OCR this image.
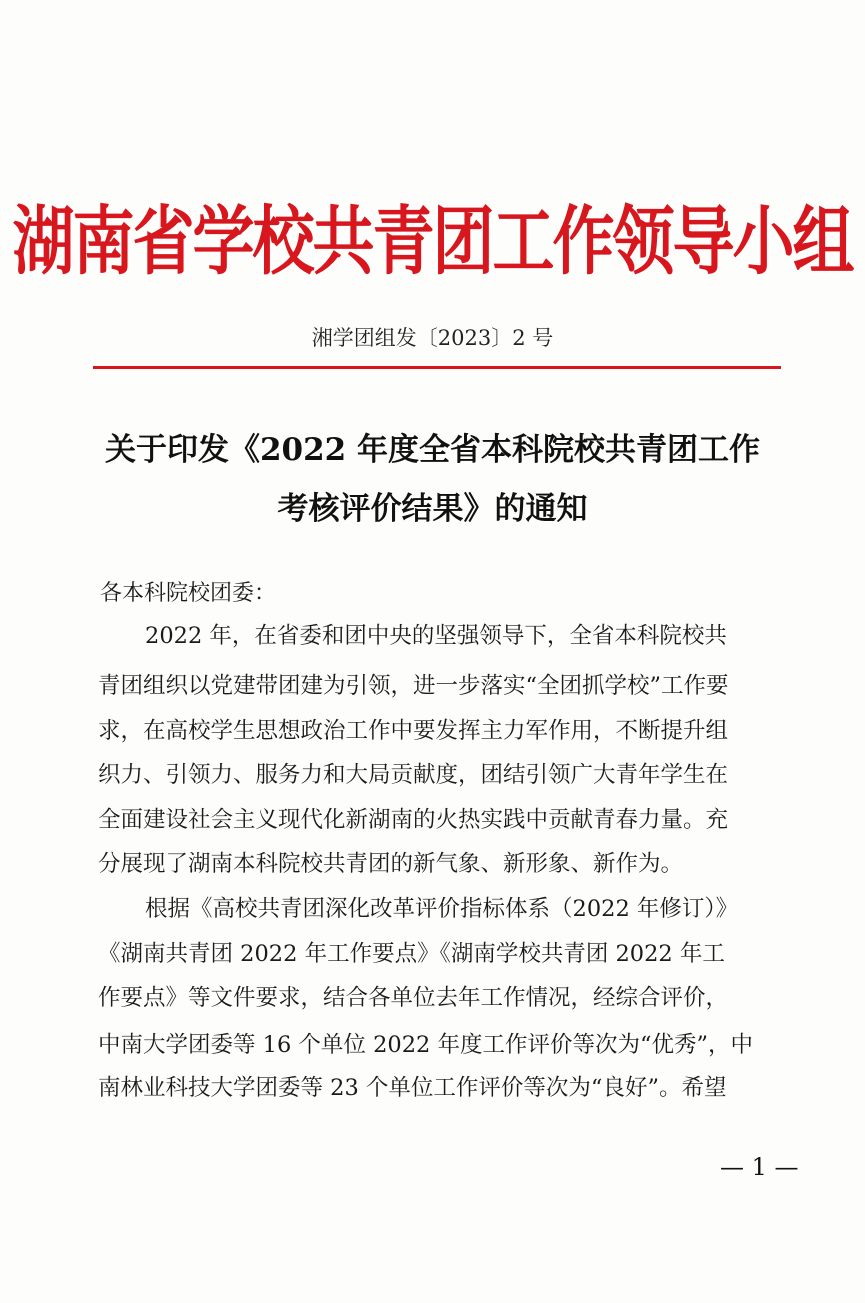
湖南省学校共青团工作领导小组
湘学团组发〔2023〕2 号
关于印发《2022 年度全省本科院校共青团工作
考核评价结果》的通知
各本科院校团委：
2022 年，在省委和团中央的坚强领导下，全省本科院校共
青团组织以党建带团建为引领，进一步落实“全团抓学校”工作要
求，在高校学生思想政治工作中要发挥主力军作用，不断提升组
织力、引领力、服务力和大局贡献度，团结引领广大青年学生在
全面建设社会主义现代化新湖南的火热实践中贡献青春力量。充
分展现了湖南本科院校共青团的新气象、新形象、新作为。
根据《高校共青团深化改革评价指标体系（2022 年修订）》
《湖南共青团 2022 年工作要点》《湖南学校共青团 2022 年工
作要点》等文件要求，结合各单位去年工作情况，经综合评价，
中南大学团委等 16 个单位 2022 年度工作评价等次为“优秀”，中
南林业科技大学团委等 23 个单位工作评价等次为“良好”。希望
— 1 —
